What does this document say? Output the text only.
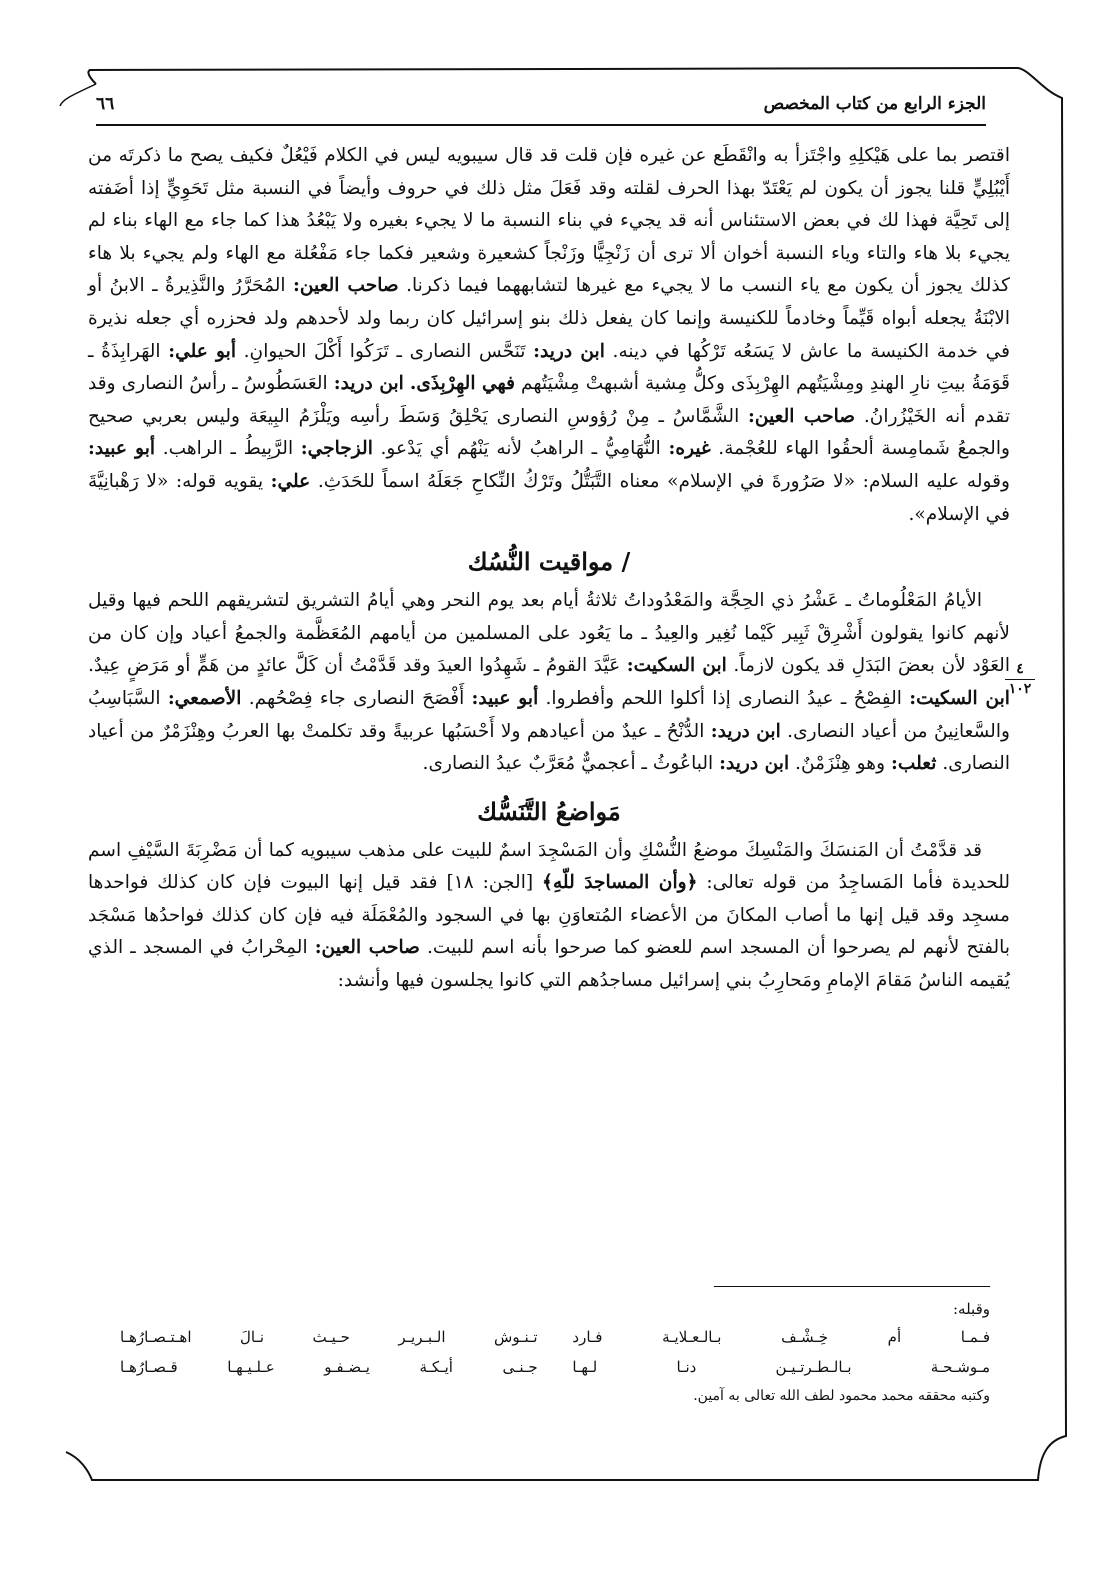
الجزء الرابع من كتاب المخصص
٦٦
٤
١٠٢

اقتصر بما على هَيْكلِهِ واجْتَزأ به وانْقَطَع عن غيره فإن قلت قد قال سيبويه ليس في الكلام فَيْعُلٌ فكيف يصح ما ذكرتَه من أَيْبُلِيٍّ قلنا يجوز أن يكون لم يَعْتَدّ بهذا الحرف لقلته وقد فَعَلَ مثل ذلك في حروف وأيضاً في النسبة مثل تَحَوِيٍّ إذا أضَفته إلى تَحِيَّة فهذا لك في بعض الاستئناس أنه قد يجيء في بناء النسبة ما لا يجيء بغيره ولا يَبْعُدُ هذا كما جاء مع الهاء بناء لم يجيء بلا هاء والتاء وياء النسبة أخوان ألا ترى أن زَنْجِيًّا وزَنْجاً كشعيرة وشعير فكما جاء مَفْعُلة مع الهاء ولم يجيء بلا هاء كذلك يجوز أن يكون مع ياء النسب ما لا يجيء مع غيرها لتشابههما فيما ذكرنا. صاحب العين: المُحَرَّرُ والنَّذِيرةُ ـ الابنُ أو الابْنَةُ يجعله أبواه قَيِّماً وخادماً للكنيسة وإنما كان يفعل ذلك بنو إسرائيل كان ربما ولد لأحدهم ولد فحزره أي جعله نذيرة في خدمة الكنيسة ما عاش لا يَسَعُه تَرْكُها في دينه. ابن دريد: تَنَحَّس النصارى ـ تَرَكُوا أَكْلَ الحيوانِ. أبو علي: الهَرابِذَةُ ـ قَوَمَةُ بيتِ نارِ الهندِ ومِشْيَتُهم الهِرْبِذَى وكلُّ مِشية أشبهتْ مِشْيَتُهم فهي الهِرْبِذَى. ابن دريد: العَسَطُوسُ ـ رأسُ النصارى وقد تقدم أنه الخَيْزُرانُ. صاحب العين: الشَّمَّاسُ ـ مِنْ رُؤوسِ النصارى يَحْلِقُ وَسَطَ رأسِه ويَلْزَمُ البِيعَة وليس بعربي صحيح والجمعُ شَمامِسة ألحقُوا الهاء للعُجْمة. غيره: النُّهَامِيُّ ـ الراهبُ لأنه يَنْهُم أي يَدْعو. الزجاجي: الرَّبِيطُ ـ الراهب. أبو عبيد: وقوله عليه السلام: «لا صَرُورةَ في الإسلام» معناه التَّبَتُّلُ وتَرْكُ النِّكاحِ جَعَلَهُ اسماً للحَدَثِ. علي: يقويه قوله: «لا رَهْبانِيَّةَ في الإسلام».

/ مواقيت النُّسُك

الأيامُ المَعْلُوماتُ ـ عَشْرُ ذي الحِجَّة والمَعْدُوداتُ ثلاثةُ أيام بعد يوم النحر وهي أيامُ التشريق لتشريقهم اللحم فيها وقيل لأنهم كانوا يقولون أَشْرِقْ ثَبِير كَيْما نُغِير والعِيدُ ـ ما يَعُود على المسلمين من أيامهم المُعَظَّمة والجمعُ أعياد وإن كان من العَوْد لأن بعضَ البَدَلِ قد يكون لازماً. ابن السكيت: عَيَّدَ القومُ ـ شَهِدُوا العيدَ وقد قَدَّمْتُ أن كَلَّ عائدٍ من هَمٍّ أو مَرَضٍ عِيدٌ. ابن السكيت: الفِصْحُ ـ عيدُ النصارى إذا أكلوا اللحم وأفطروا. أبو عبيد: أَفْصَحَ النصارى جاء فِصْحُهم. الأصمعي: السَّبَاسِبُ والسَّعانِينُ من أعياد النصارى. ابن دريد: الدُّنْحُ ـ عيدٌ من أعيادهم ولا أَحْسَبُها عربيةً وقد تكلمتْ بها العربُ وهِنْزَمْرٌ من أعياد النصارى. ثعلب: وهو هِنْزَمْنٌ. ابن دريد: الباعُوثُ ـ أعجميٌّ مُعَرَّبٌ عيدُ النصارى.

مَواضعُ التَّنَسُّك

قد قدَّمْتُ أن المَنسَكَ والمَنْسِكَ موضعُ النُّسْكِ وأن المَسْجِدَ اسمٌ للبيت على مذهب سيبويه كما أن مَضْرِبَةَ السَّيْفِ اسم للحديدة فأما المَساجِدُ من قوله تعالى: ﴿وأن المساجدَ للّهِ﴾ [الجن: ١٨] فقد قيل إنها البيوت فإن كان كذلك فواحدها مسجِد وقد قيل إنها ما أصاب المكانَ من الأعضاء المُتعاوَنِ بها في السجود والمُعْمَلَة فيه فإن كان كذلك فواحدُها مَسْجَد بالفتح لأنهم لم يصرحوا أن المسجد اسم للعضو كما صرحوا بأنه اسم للبيت. صاحب العين: المِحْرابُ في المسجد ـ الذي يُقيمه الناسُ مَقامَ الإمامِ ومَحارِبُ بني إسرائيل مساجدُهم التي كانوا يجلسون فيها وأنشد:

وقبله:
فـمـا أم خِـشْـف بـالـعـلايـة فـارد
تـنـوش الـبـريـر حـيـث نـالَ اهـتـصـارُهـا
مـوشـحـة بـالـطـرتـيـن دنـا لـهـا
جـنـى أيـكـة يـضـفـو عـلـيـهـا قـصـارُهـا
وكتبه محققه محمد محمود لطف الله تعالى به آمين.
